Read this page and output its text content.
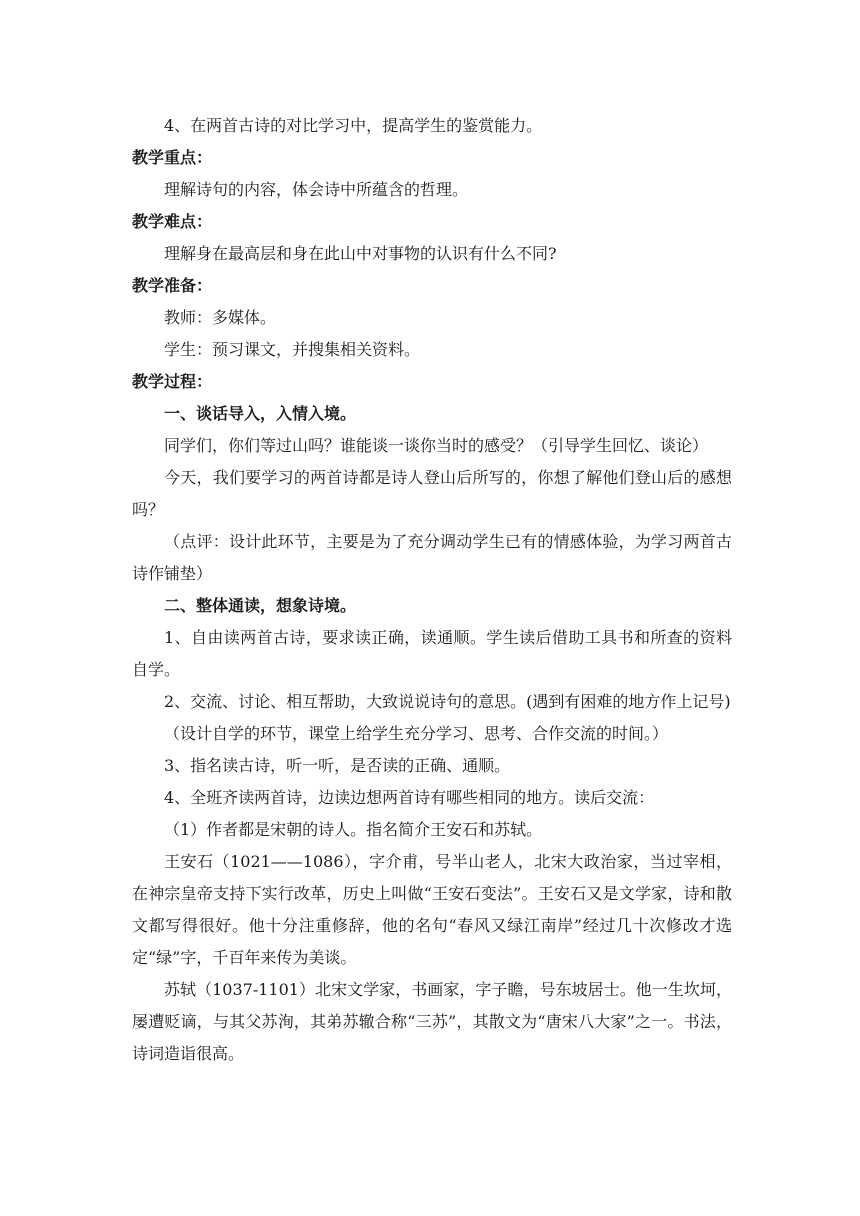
4、在两首古诗的对比学习中，提高学生的鉴赏能力。

教学重点：

理解诗句的内容，体会诗中所蕴含的哲理。

教学难点：

理解身在最高层和身在此山中对事物的认识有什么不同?

教学准备：

教师：多媒体。

学生：预习课文，并搜集相关资料。

教学过程：

一、谈话导入，入情入境。

同学们，你们等过山吗？谁能谈一谈你当时的感受？（引导学生回忆、谈论）

今天，我们要学习的两首诗都是诗人登山后所写的，你想了解他们登山后的感想吗？

（点评：设计此环节，主要是为了充分调动学生已有的情感体验，为学习两首古诗作铺垫）

二、整体通读，想象诗境。

1、自由读两首古诗，要求读正确，读通顺。学生读后借助工具书和所查的资料自学。

2、交流、讨论、相互帮助，大致说说诗句的意思。(遇到有困难的地方作上记号)

（设计自学的环节，课堂上给学生充分学习、思考、合作交流的时间。）

3、指名读古诗，听一听，是否读的正确、通顺。

4、全班齐读两首诗，边读边想两首诗有哪些相同的地方。读后交流：

（1）作者都是宋朝的诗人。指名简介王安石和苏轼。

王安石（1021——1086），字介甫，号半山老人，北宋大政治家，当过宰相，在神宗皇帝支持下实行改革，历史上叫做“王安石变法”。王安石又是文学家，诗和散文都写得很好。他十分注重修辞，他的名句“春风又绿江南岸”经过几十次修改才选定“绿”字，千百年来传为美谈。

苏轼（1037-1101）北宋文学家，书画家，字子瞻，号东坡居士。他一生坎坷，屡遭贬谪，与其父苏洵，其弟苏辙合称“三苏”，其散文为“唐宋八大家”之一。书法，诗词造诣很高。
